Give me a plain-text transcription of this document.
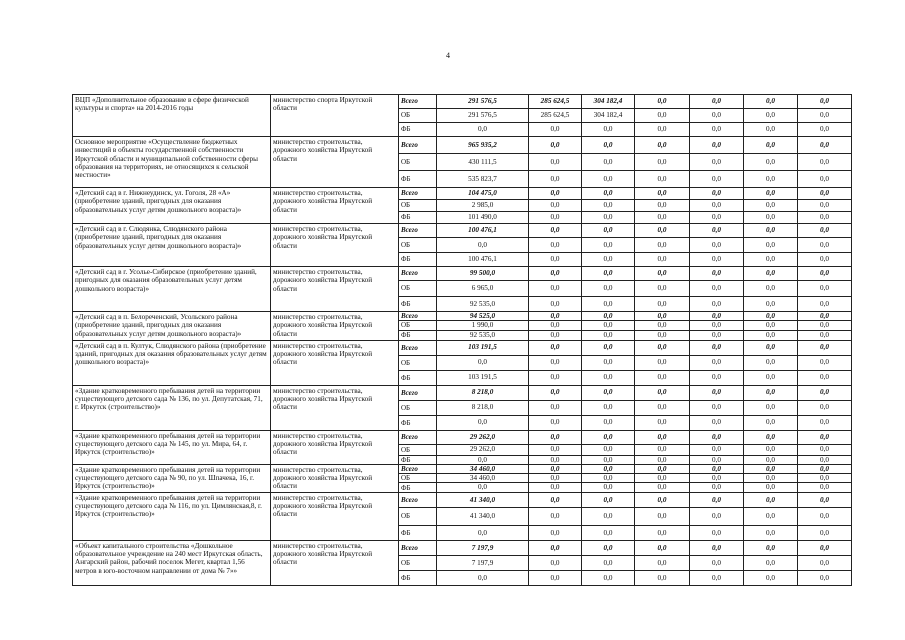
4
ВЦП «Дополнительное образование в сфере физической культуры и спорта» на 2014-2016 годы	министерство спорта Иркутской области	Всего	291 576,5	285 624,5	304 182,4	0,0	0,0	0,0	0,0
		ОБ	291 576,5	285 624,5	304 182,4	0,0	0,0	0,0	0,0
		ФБ	0,0	0,0	0,0	0,0	0,0	0,0	0,0
Основное мероприятие «Осуществление бюджетных инвестиций в объекты государственной собственности Иркутской области и муниципальной собственности сферы образования на территориях, не относящихся к сельской местности»	министерство строительства, дорожного хозяйства Иркутской области	Всего	965 935,2	0,0	0,0	0,0	0,0	0,0	0,0
		ОБ	430 111,5	0,0	0,0	0,0	0,0	0,0	0,0
		ФБ	535 823,7	0,0	0,0	0,0	0,0	0,0	0,0
«Детский сад в г. Нижнеудинск, ул. Гоголя, 28 «А» (приобретение зданий, пригодных для оказания образовательных услуг детям дошкольного возраста)»	министерство строительства, дорожного хозяйства Иркутской области	Всего	104 475,0	0,0	0,0	0,0	0,0	0,0	0,0
		ОБ	2 985,0	0,0	0,0	0,0	0,0	0,0	0,0
		ФБ	101 490,0	0,0	0,0	0,0	0,0	0,0	0,0
«Детский сад в г. Слюдянка, Слюдянского района (приобретение зданий, пригодных для оказания образовательных услуг детям дошкольного возраста)»	министерство строительства, дорожного хозяйства Иркутской области	Всего	100 476,1	0,0	0,0	0,0	0,0	0,0	0,0
		ОБ	0,0	0,0	0,0	0,0	0,0	0,0	0,0
		ФБ	100 476,1	0,0	0,0	0,0	0,0	0,0	0,0
«Детский сад в г. Усолье-Сибирское (приобретение зданий, пригодных для оказания образовательных услуг детям дошкольного возраста)»	министерство строительства, дорожного хозяйства Иркутской области	Всего	99 500,0	0,0	0,0	0,0	0,0	0,0	0,0
		ОБ	6 965,0	0,0	0,0	0,0	0,0	0,0	0,0
		ФБ	92 535,0	0,0	0,0	0,0	0,0	0,0	0,0
«Детский сад в п. Белореченский, Усольского района (приобретение зданий, пригодных для оказания образовательных услуг детям дошкольного возраста)»	министерство строительства, дорожного хозяйства Иркутской области	Всего	94 525,0	0,0	0,0	0,0	0,0	0,0	0,0
		ОБ	1 990,0	0,0	0,0	0,0	0,0	0,0	0,0
		ФБ	92 535,0	0,0	0,0	0,0	0,0	0,0	0,0
«Детский сад в п. Култук, Слюдянского района (приобретение зданий, пригодных для оказания образовательных услуг детям дошкольного возраста)»	министерство строительства, дорожного хозяйства Иркутской области	Всего	103 191,5	0,0	0,0	0,0	0,0	0,0	0,0
		ОБ	0,0	0,0	0,0	0,0	0,0	0,0	0,0
		ФБ	103 191,5	0,0	0,0	0,0	0,0	0,0	0,0
«Здание кратковременного пребывания детей на территории существующего детского сада № 136, по ул. Депутатская, 71, г. Иркутск (строительство)»	министерство строительства, дорожного хозяйства Иркутской области	Всего	8 218,0	0,0	0,0	0,0	0,0	0,0	0,0
		ОБ	8 218,0	0,0	0,0	0,0	0,0	0,0	0,0
		ФБ	0,0	0,0	0,0	0,0	0,0	0,0	0,0
«Здание кратковременного пребывания детей на территории существующего детского сада № 145, по ул. Мира, 64, г. Иркутск (строительство)»	министерство строительства, дорожного хозяйства Иркутской области	Всего	29 262,0	0,0	0,0	0,0	0,0	0,0	0,0
		ОБ	29 262,0	0,0	0,0	0,0	0,0	0,0	0,0
		ФБ	0,0	0,0	0,0	0,0	0,0	0,0	0,0
«Здание кратковременного пребывания детей на территории существующего детского сада № 90, по ул. Шпачека, 16, г. Иркутск (строительство)»	министерство строительства, дорожного хозяйства Иркутской области	Всего	34 460,0	0,0	0,0	0,0	0,0	0,0	0,0
		ОБ	34 460,0	0,0	0,0	0,0	0,0	0,0	0,0
		ФБ	0,0	0,0	0,0	0,0	0,0	0,0	0,0
«Здание кратковременного пребывания детей на территории существующего детского сада № 116, по ул. Цимлянская,8, г. Иркутск (строительство)»	министерство строительства, дорожного хозяйства Иркутской области	Всего	41 340,0	0,0	0,0	0,0	0,0	0,0	0,0
		ОБ	41 340,0	0,0	0,0	0,0	0,0	0,0	0,0
		ФБ	0,0	0,0	0,0	0,0	0,0	0,0	0,0
«Объект капитального строительства «Дошкольное образовательное учреждение на 240 мест Иркутская область, Ангарский район, рабочий поселок Мегет, квартал 1,56 метров в юго-восточном направлении от дома № 7»»	министерство строительства, дорожного хозяйства Иркутской области	Всего	7 197,9	0,0	0,0	0,0	0,0	0,0	0,0
		ОБ	7 197,9	0,0	0,0	0,0	0,0	0,0	0,0
		ФБ	0,0	0,0	0,0	0,0	0,0	0,0	0,0
